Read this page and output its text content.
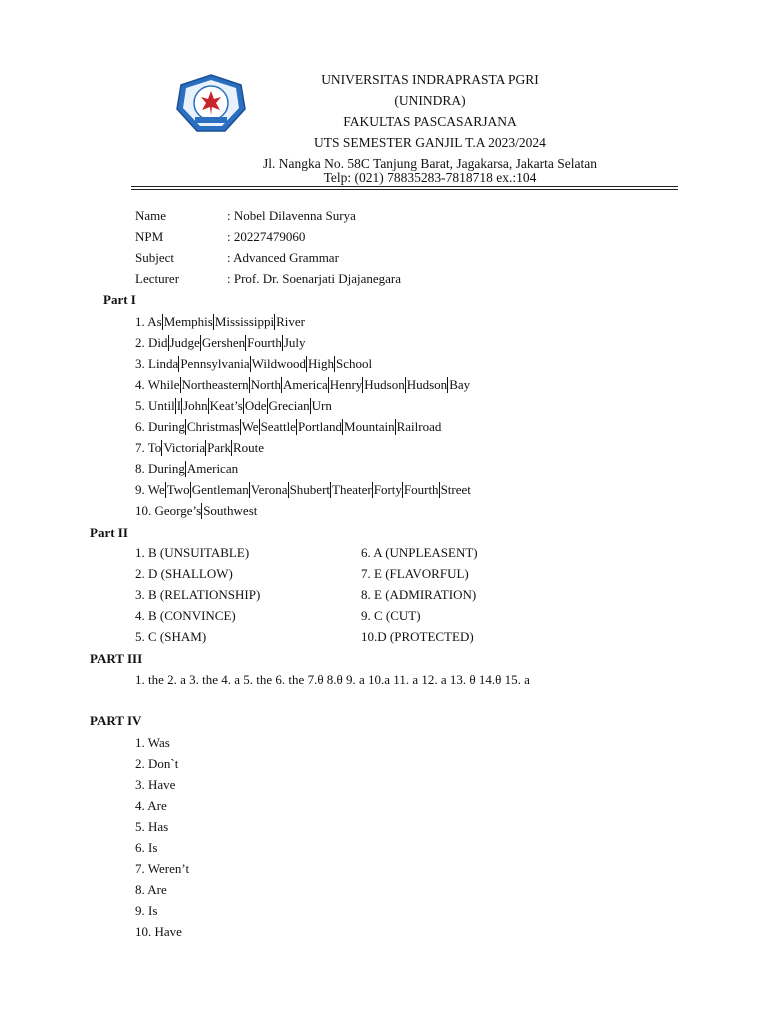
UNIVERSITAS INDRAPRASTA PGRI
(UNINDRA)
FAKULTAS PASCASARJANA
UTS SEMESTER GANJIL T.A 2023/2024
Jl. Nangka No. 58C Tanjung Barat, Jagakarsa, Jakarta Selatan
Telp: (021) 78835283-7818718 ex.:104
Name	: Nobel Dilavenna Surya
NPM	: 20227479060
Subject	: Advanced Grammar
Lecturer	: Prof. Dr. Soenarjati Djajanegara
Part I
1. As Memphis Mississippi River
2. DidJudgeGershenFourth July
3. Linda PennsylvaniaWildwood High School
4. WhileNortheasternNorthAmerica HenryHudsonHudsonBay
5. Until IJohn Keat’sOde GrecianUrn
6. DuringChristmasWeSeattlePortlandMountainRailroad
7. ToVictoriaParkRoute
8. DuringAmerican
9. WeTwoGentlemanVerona ShubertTheaterFortyFourthStreet
10. George’sSouthwest
Part II
1. B (UNSUITABLE)	6. A (UNPLEASENT)
2. D (SHALLOW)	7. E (FLAVORFUL)
3. B (RELATIONSHIP)	8. E (ADMIRATION)
4. B (CONVINCE)	9. C (CUT)
5. C (SHAM)	10.D (PROTECTED)
PART III
1. the 2. a 3. the 4. a 5. the 6. the 7.θ 8.θ 9. a 10.a 11. a 12. a 13. θ 14.θ 15. a
PART IV
1. Was
2. Don`t
3. Have
4. Are
5. Has
6. Is
7. Weren’t
8. Are
9. Is
10. Have
